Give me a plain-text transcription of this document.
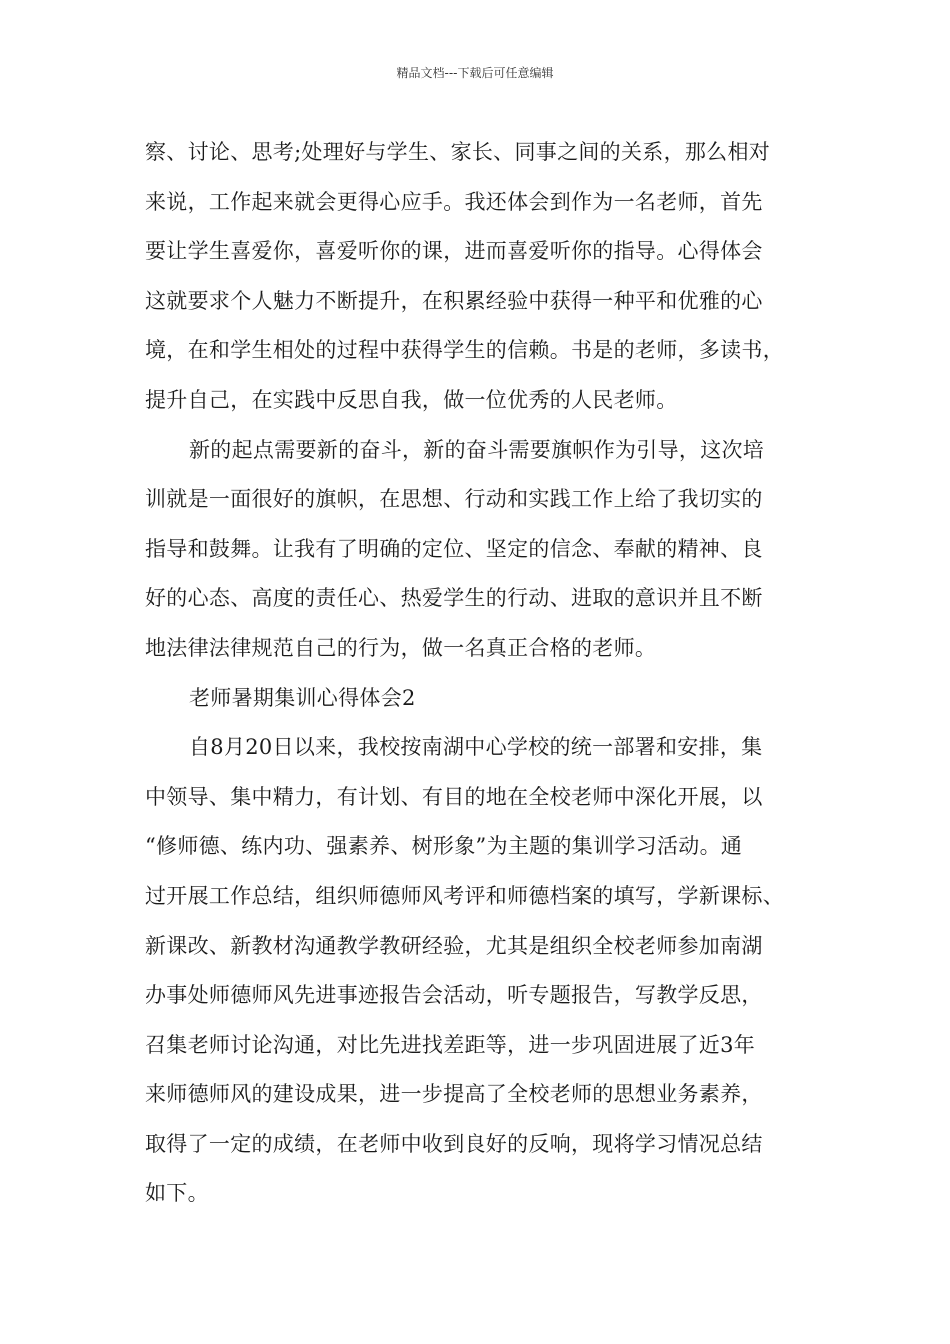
精品文档---下载后可任意编辑

察、讨论、思考;处理好与学生、家长、同事之间的关系，那么相对
来说，工作起来就会更得心应手。我还体会到作为一名老师，首先
要让学生喜爱你，喜爱听你的课，进而喜爱听你的指导。心得体会
这就要求个人魅力不断提升，在积累经验中获得一种平和优雅的心
境，在和学生相处的过程中获得学生的信赖。书是的老师，多读书，
提升自己，在实践中反思自我，做一位优秀的人民老师。

新的起点需要新的奋斗，新的奋斗需要旗帜作为引导，这次培
训就是一面很好的旗帜，在思想、行动和实践工作上给了我切实的
指导和鼓舞。让我有了明确的定位、坚定的信念、奉献的精神、良
好的心态、高度的责任心、热爱学生的行动、进取的意识并且不断
地法律法律规范自己的行为，做一名真正合格的老师。

老师暑期集训心得体会2

自8月20日以来，我校按南湖中心学校的统一部署和安排，集
中领导、集中精力，有计划、有目的地在全校老师中深化开展，以
“修师德、练内功、强素养、树形象”为主题的集训学习活动。通
过开展工作总结，组织师德师风考评和师德档案的填写，学新课标、
新课改、新教材沟通教学教研经验，尤其是组织全校老师参加南湖
办事处师德师风先进事迹报告会活动，听专题报告，写教学反思，
召集老师讨论沟通，对比先进找差距等，进一步巩固进展了近3年
来师德师风的建设成果，进一步提高了全校老师的思想业务素养，
取得了一定的成绩，在老师中收到良好的反响，现将学习情况总结
如下。
